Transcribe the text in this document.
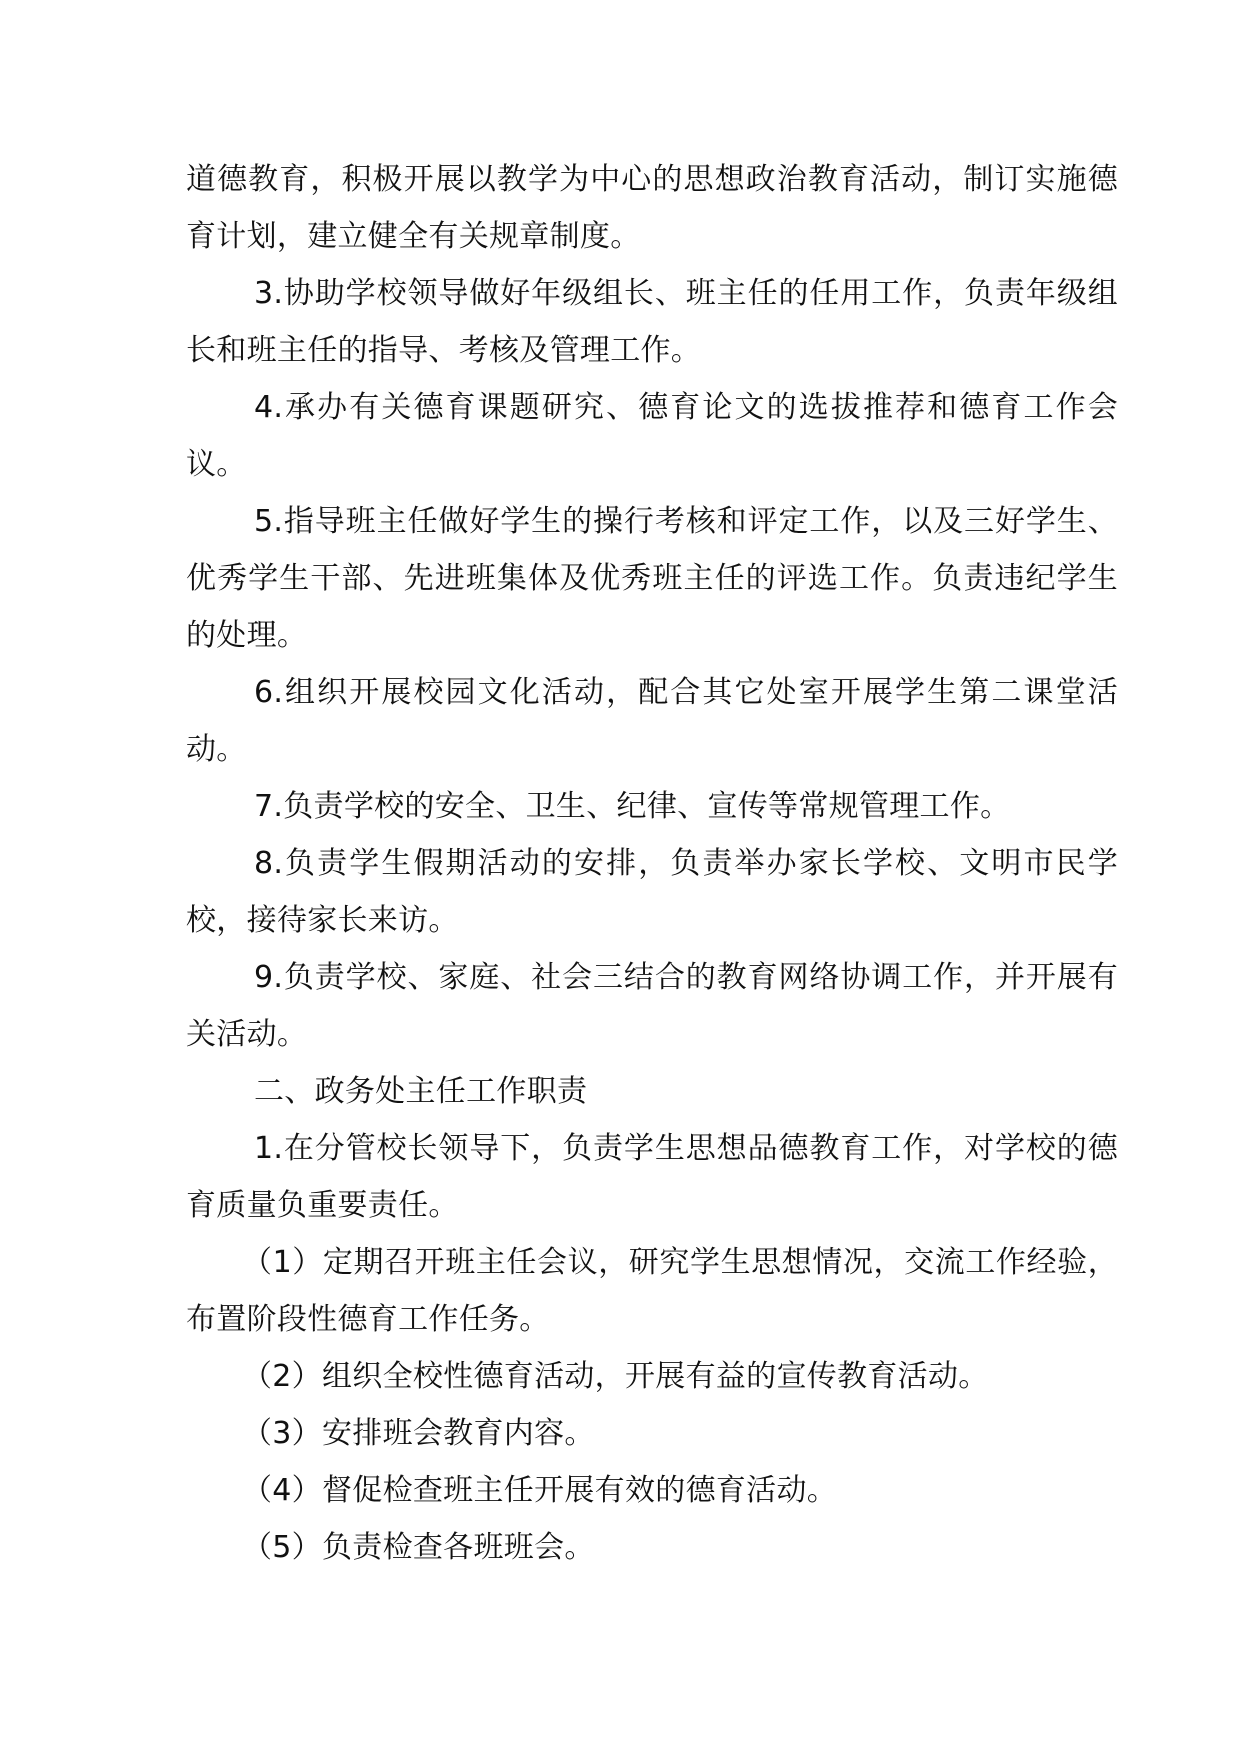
道德教育，积极开展以教学为中心的思想政治教育活动，制订实施德育计划，建立健全有关规章制度。

3.协助学校领导做好年级组长、班主任的任用工作，负责年级组长和班主任的指导、考核及管理工作。

4.承办有关德育课题研究、德育论文的选拔推荐和德育工作会议。

5.指导班主任做好学生的操行考核和评定工作，以及三好学生、优秀学生干部、先进班集体及优秀班主任的评选工作。负责违纪学生的处理。

6.组织开展校园文化活动，配合其它处室开展学生第二课堂活动。

7.负责学校的安全、卫生、纪律、宣传等常规管理工作。

8.负责学生假期活动的安排，负责举办家长学校、文明市民学校，接待家长来访。

9.负责学校、家庭、社会三结合的教育网络协调工作，并开展有关活动。

二、政务处主任工作职责

1.在分管校长领导下，负责学生思想品德教育工作，对学校的德育质量负重要责任。

（1）定期召开班主任会议，研究学生思想情况，交流工作经验，布置阶段性德育工作任务。

（2）组织全校性德育活动，开展有益的宣传教育活动。

（3）安排班会教育内容。

（4）督促检查班主任开展有效的德育活动。

（5）负责检查各班班会。
